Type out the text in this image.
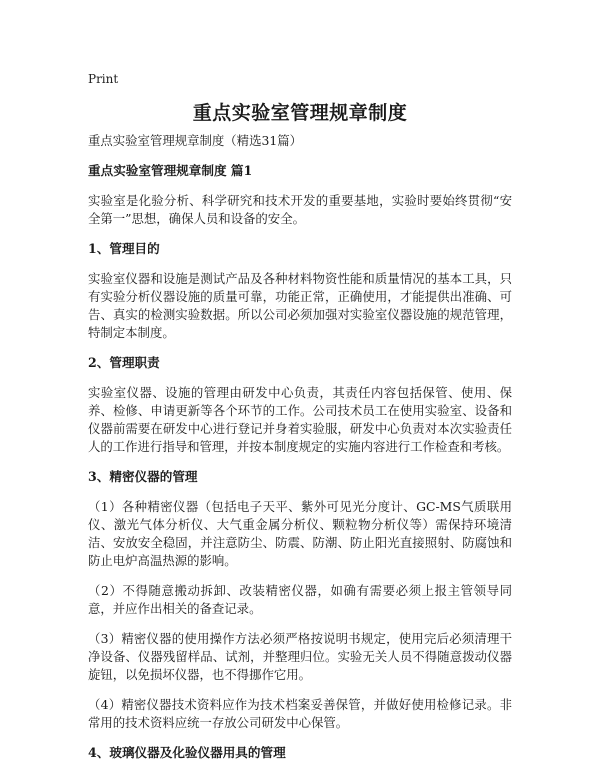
Print
重点实验室管理规章制度

重点实验室管理规章制度（精选31篇）

重点实验室管理规章制度 篇1

实验室是化验分析、科学研究和技术开发的重要基地，实验时要始终贯彻“安全第一”思想，确保人员和设备的安全。

1、管理目的

实验室仪器和设施是测试产品及各种材料物资性能和质量情况的基本工具，只有实验分析仪器设施的质量可靠，功能正常，正确使用，才能提供出准确、可告、真实的检测实验数据。所以公司必须加强对实验室仪器设施的规范管理，特制定本制度。

2、管理职责

实验室仪器、设施的管理由研发中心负责，其责任内容包括保管、使用、保养、检修、申请更新等各个环节的工作。公司技术员工在使用实验室、设备和仪器前需要在研发中心进行登记并身着实验服，研发中心负责对本次实验责任人的工作进行指导和管理，并按本制度规定的实施内容进行工作检查和考核。

3、精密仪器的管理

（1）各种精密仪器（包括电子天平、紫外可见光分度计、GC-MS气质联用仪、激光气体分析仪、大气重金属分析仪、颗粒物分析仪等）需保持环境清洁、安放安全稳固，并注意防尘、防震、防潮、防止阳光直接照射、防腐蚀和防止电炉高温热源的影响。

（2）不得随意搬动拆卸、改装精密仪器，如确有需要必须上报主管领导同意，并应作出相关的备查记录。

（3）精密仪器的使用操作方法必须严格按说明书规定，使用完后必须清理干净设备、仪器残留样品、试剂，并整理归位。实验无关人员不得随意拨动仪器旋钮，以免损坏仪器，也不得挪作它用。

（4）精密仪器技术资料应作为技术档案妥善保管，并做好使用检修记录。非常用的技术资料应统一存放公司研发中心保管。

4、玻璃仪器及化验仪器用具的管理
